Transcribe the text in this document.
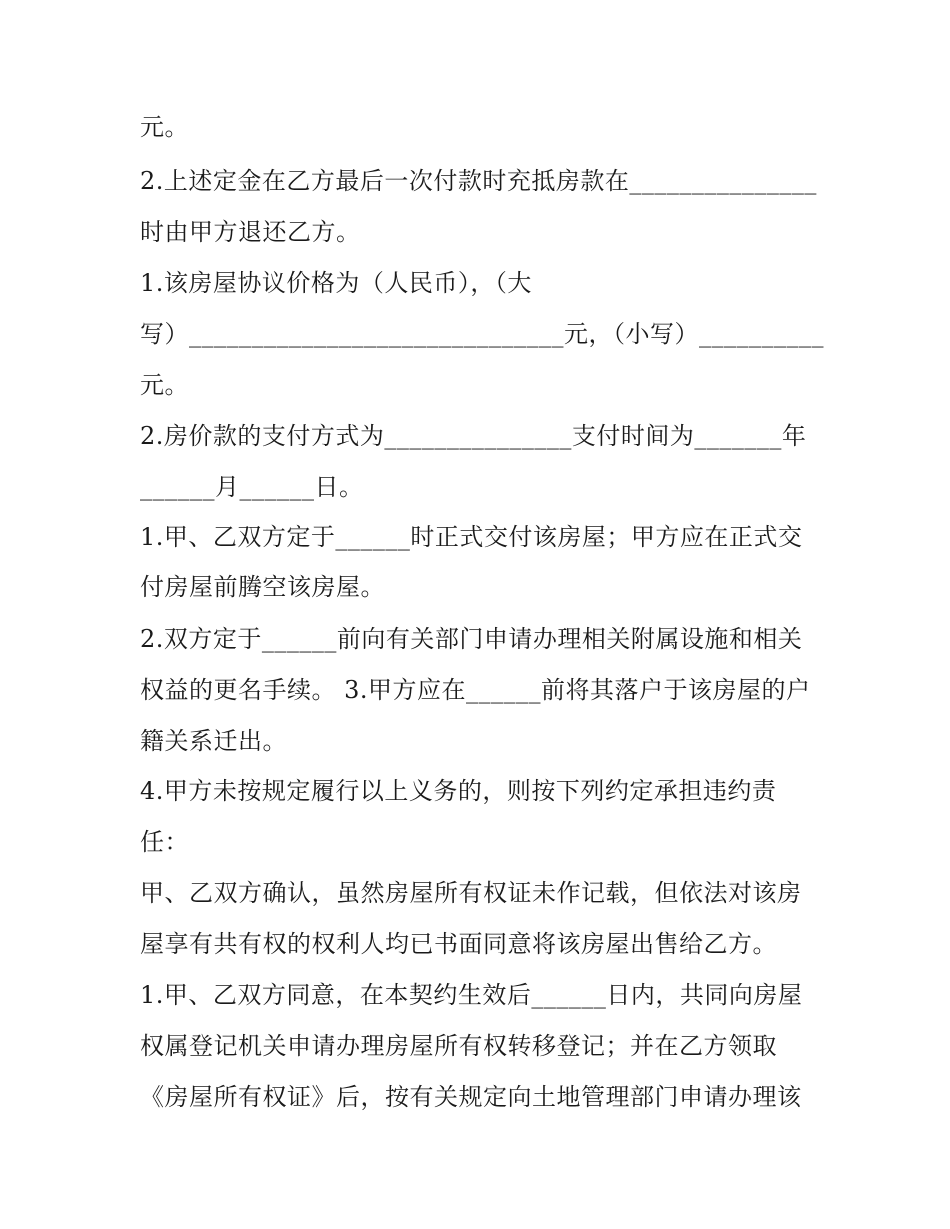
元。

2.上述定金在乙方最后一次付款时充抵房款在_______________

时由甲方退还乙方。

1.该房屋协议价格为（人民币），（大

写）______________________________元，（小写）__________

元。

2.房价款的支付方式为_______________支付时间为_______年

______月______日。

1.甲、乙双方定于______时正式交付该房屋；甲方应在正式交

付房屋前腾空该房屋。

2.双方定于______前向有关部门申请办理相关附属设施和相关

权益的更名手续。 3.甲方应在______前将其落户于该房屋的户

籍关系迁出。

4.甲方未按规定履行以上义务的，则按下列约定承担违约责

任：

甲、乙双方确认，虽然房屋所有权证未作记载，但依法对该房

屋享有共有权的权利人均已书面同意将该房屋出售给乙方。

1.甲、乙双方同意，在本契约生效后______日内，共同向房屋

权属登记机关申请办理房屋所有权转移登记；并在乙方领取

《房屋所有权证》后，按有关规定向土地管理部门申请办理该
